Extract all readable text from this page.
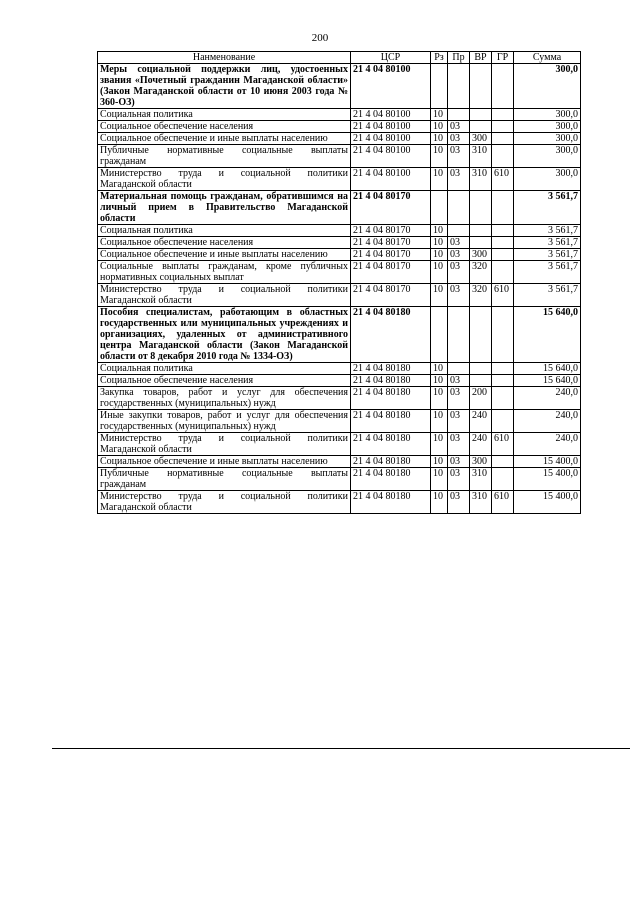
200
Нанменование	ЦСР	Рз	Пр	ВР	ГР	Сумма
Меры социальной поддержки лиц, удостоенных звания «Почетный гражданин Магаданской области» (Закон Магаданской области от 10 июня 2003 года № 360-ОЗ)	21 4 04 80100					300,0
Социальная политика	21 4 04 80100	10				300,0
Социальное обеспечение населения	21 4 04 80100	10	03			300,0
Социальное обеспечение и иные выплаты населению	21 4 04 80100	10	03	300		300,0
Публичные нормативные социальные выплаты гражданам	21 4 04 80100	10	03	310		300,0
Министерство труда и социальной политики Магаданской области	21 4 04 80100	10	03	310	610	300,0
Материальная помощь гражданам, обратившимся на личный прием в Правительство Магаданской области	21 4 04 80170					3 561,7
Социальная политика	21 4 04 80170	10				3 561,7
Социальное обеспечение населения	21 4 04 80170	10	03			3 561,7
Социальное обеспечение и иные выплаты населению	21 4 04 80170	10	03	300		3 561,7
Социальные выплаты гражданам, кроме публичных нормативных социальных выплат	21 4 04 80170	10	03	320		3 561,7
Министерство труда и социальной политики Магаданской области	21 4 04 80170	10	03	320	610	3 561,7
Пособия специалистам, работающим в областных государственных или муниципальных учреждениях и организациях, удаленных от административного центра Магаданской области (Закон Магаданской области от 8 декабря 2010 года № 1334-ОЗ)	21 4 04 80180					15 640,0
Социальная политика	21 4 04 80180	10				15 640,0
Социальное обеспечение населения	21 4 04 80180	10	03			15 640,0
Закупка товаров, работ и услуг для обеспечения государственных (муниципальных) нужд	21 4 04 80180	10	03	200		240,0
Иные закупки товаров, работ и услуг для обеспечения государственных (муниципальных) нужд	21 4 04 80180	10	03	240		240,0
Министерство труда и социальной политики Магаданской области	21 4 04 80180	10	03	240	610	240,0
Социальное обеспечение и иные выплаты населению	21 4 04 80180	10	03	300		15 400,0
Публичные нормативные социальные выплаты гражданам	21 4 04 80180	10	03	310		15 400,0
Министерство труда и социальной политики Магаданской области	21 4 04 80180	10	03	310	610	15 400,0
